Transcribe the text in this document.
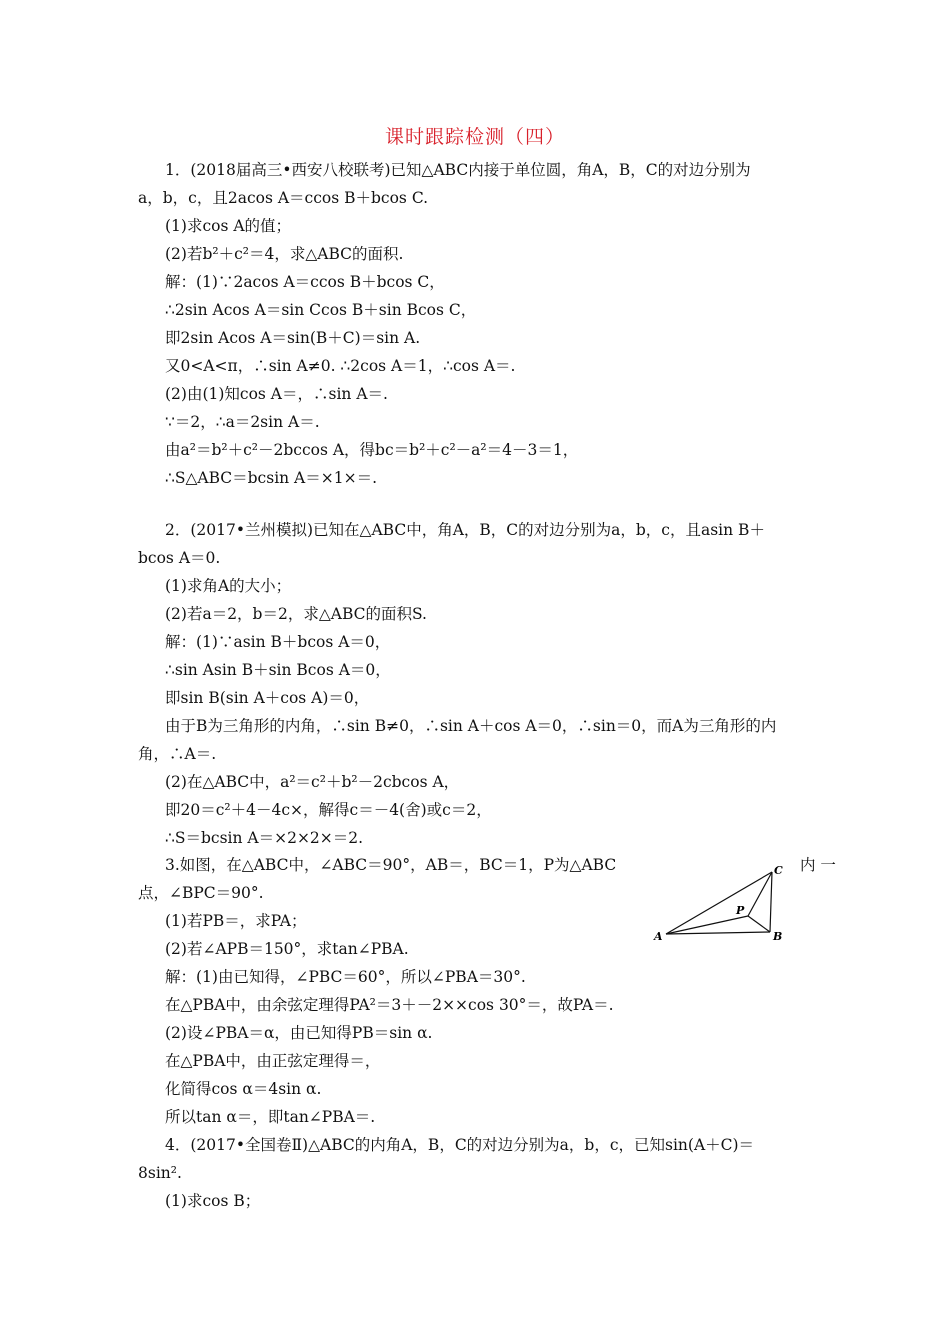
课时跟踪检测（四）
1．(2018届高三•西安八校联考)已知△ABC内接于单位圆，角A，B，C的对边分别为
a，b，c，且2acos A＝ccos B＋bcos C.
(1)求cos A的值；
(2)若b²＋c²＝4，求△ABC的面积.
解：(1)∵2acos A＝ccos B＋bcos C，
∴2sin Acos A＝sin Ccos B＋sin Bcos C，
即2sin Acos A＝sin(B＋C)＝sin A.
又0<A<π，∴sin A≠0. ∴2cos A＝1，∴cos A＝.
(2)由(1)知cos A＝，∴sin A＝.
∵＝2，∴a＝2sin A＝.
由a²＝b²＋c²－2bccos A，得bc＝b²＋c²－a²＝4－3＝1，
∴S△ABC＝bcsin A＝×1×＝.
2．(2017•兰州模拟)已知在△ABC中，角A，B，C的对边分别为a，b，c，且asin B＋
bcos A＝0.
(1)求角A的大小；
(2)若a＝2，b＝2，求△ABC的面积S.
解：(1)∵asin B＋bcos A＝0，
∴sin Asin B＋sin Bcos A＝0，
即sin B(sin A＋cos A)＝0，
由于B为三角形的内角，∴sin B≠0，∴sin A＋cos A＝0，∴sin＝0，而A为三角形的内
角，∴A＝.
(2)在△ABC中，a²＝c²＋b²－2cbcos A，
即20＝c²＋4－4c×，解得c＝－4(舍)或c＝2，
∴S＝bcsin A＝×2×2×＝2.
3.如图，在△ABC中，∠ABC＝90°，AB＝，BC＝1，P为△ABC	内 一
点，∠BPC＝90°.
(1)若PB＝，求PA；
(2)若∠APB＝150°，求tan∠PBA.
解：(1)由已知得，∠PBC＝60°，所以∠PBA＝30°.
在△PBA中，由余弦定理得PA²＝3＋－2××cos 30°＝，故PA＝.
(2)设∠PBA＝α，由已知得PB＝sin α.
在△PBA中，由正弦定理得＝，
化简得cos α＝4sin α.
所以tan α＝，即tan∠PBA＝.
4．(2017•全国卷Ⅱ)△ABC的内角A，B，C的对边分别为a，b，c，已知sin(A＋C)＝
8sin².
(1)求cos B；
A	B
C
P
